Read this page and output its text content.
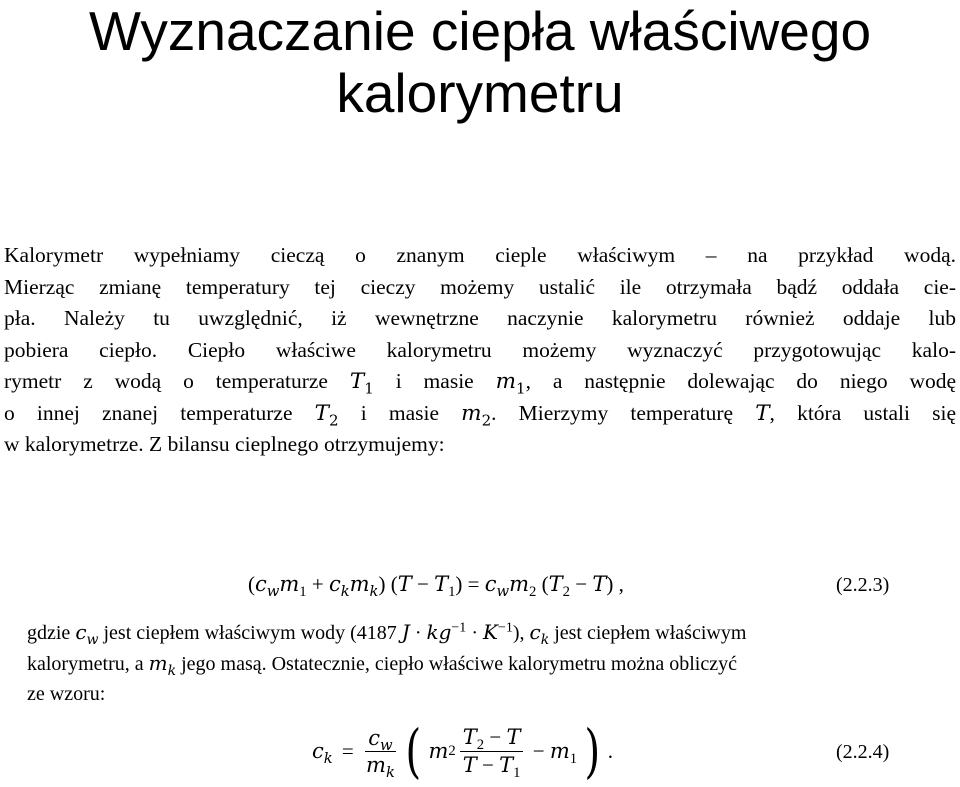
Wyznaczanie ciepła właściwego kalorymetru
Kalorymetr wypełniamy cieczą o znanym cieple właściwym – na przykład wodą.
Mierząc zmianę temperatury tej cieczy możemy ustalić ile otrzymała bądź oddała cie-
pła. Należy tu uwzględnić, iż wewnętrzne naczynie kalorymetru również oddaje lub
pobiera ciepło. Ciepło właściwe kalorymetru możemy wyznaczyć przygotowując kalo-
rymetr z wodą o temperaturze $T_1$ i masie $m_1$, a następnie dolewając do niego wodę
o innej znanej temperaturze $T_2$ i masie $m_2$. Mierzymy temperaturę T, która ustali się
w kalorymetrze. Z bilansu cieplnego otrzymujemy:
$(c_wm_1 + c_km_k) (T - T_1) = c_wm_2$ $(T_2 - T)$ ,	(2.2.3)
gdzie $c_w$ jest ciepłem właściwym wody (4187 $J \cdot kg^{-1} \cdot K^{-1}$), $c_k$ jest ciepłem właściwym
kalorymetru, a $m_k$ jego masą. Ostatecznie, ciepło właściwe kalorymetru można obliczyć
ze wzoru:
$c_k = \frac{c_w}{m_k}$ ( m $2 \frac{T_2 - T}{T - T_1} - m_1$ ) .	(2.2.4)
